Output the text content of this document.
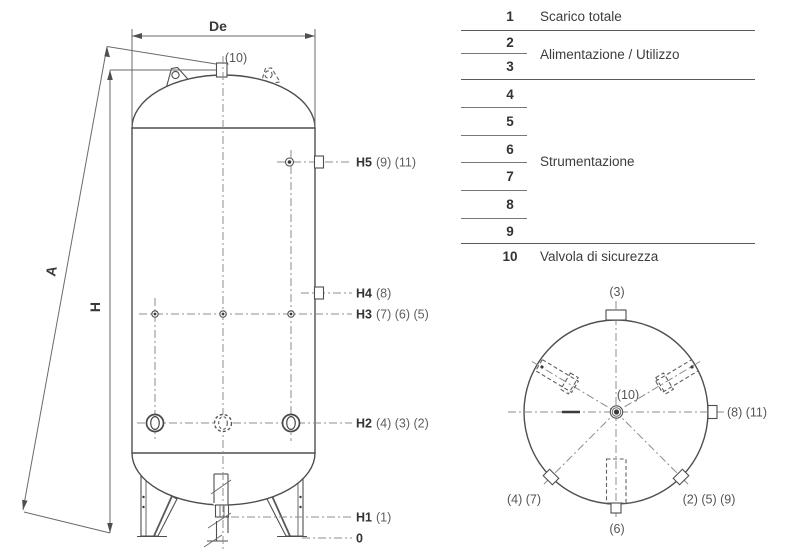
De
A
H
(10)
H5 (9) (11)
H4 (8)
H3 (7) (6) (5)
H2 (4) (3) (2)
H1 (1)
0
1
2
3
4
5
6
7
8
9
10
Scarico totale
Alimentazione / Utilizzo
Strumentazione
Valvola di sicurezza
(3)
(10)
(8) (11)
(4) (7)	(2) (5) (9)
(6)
